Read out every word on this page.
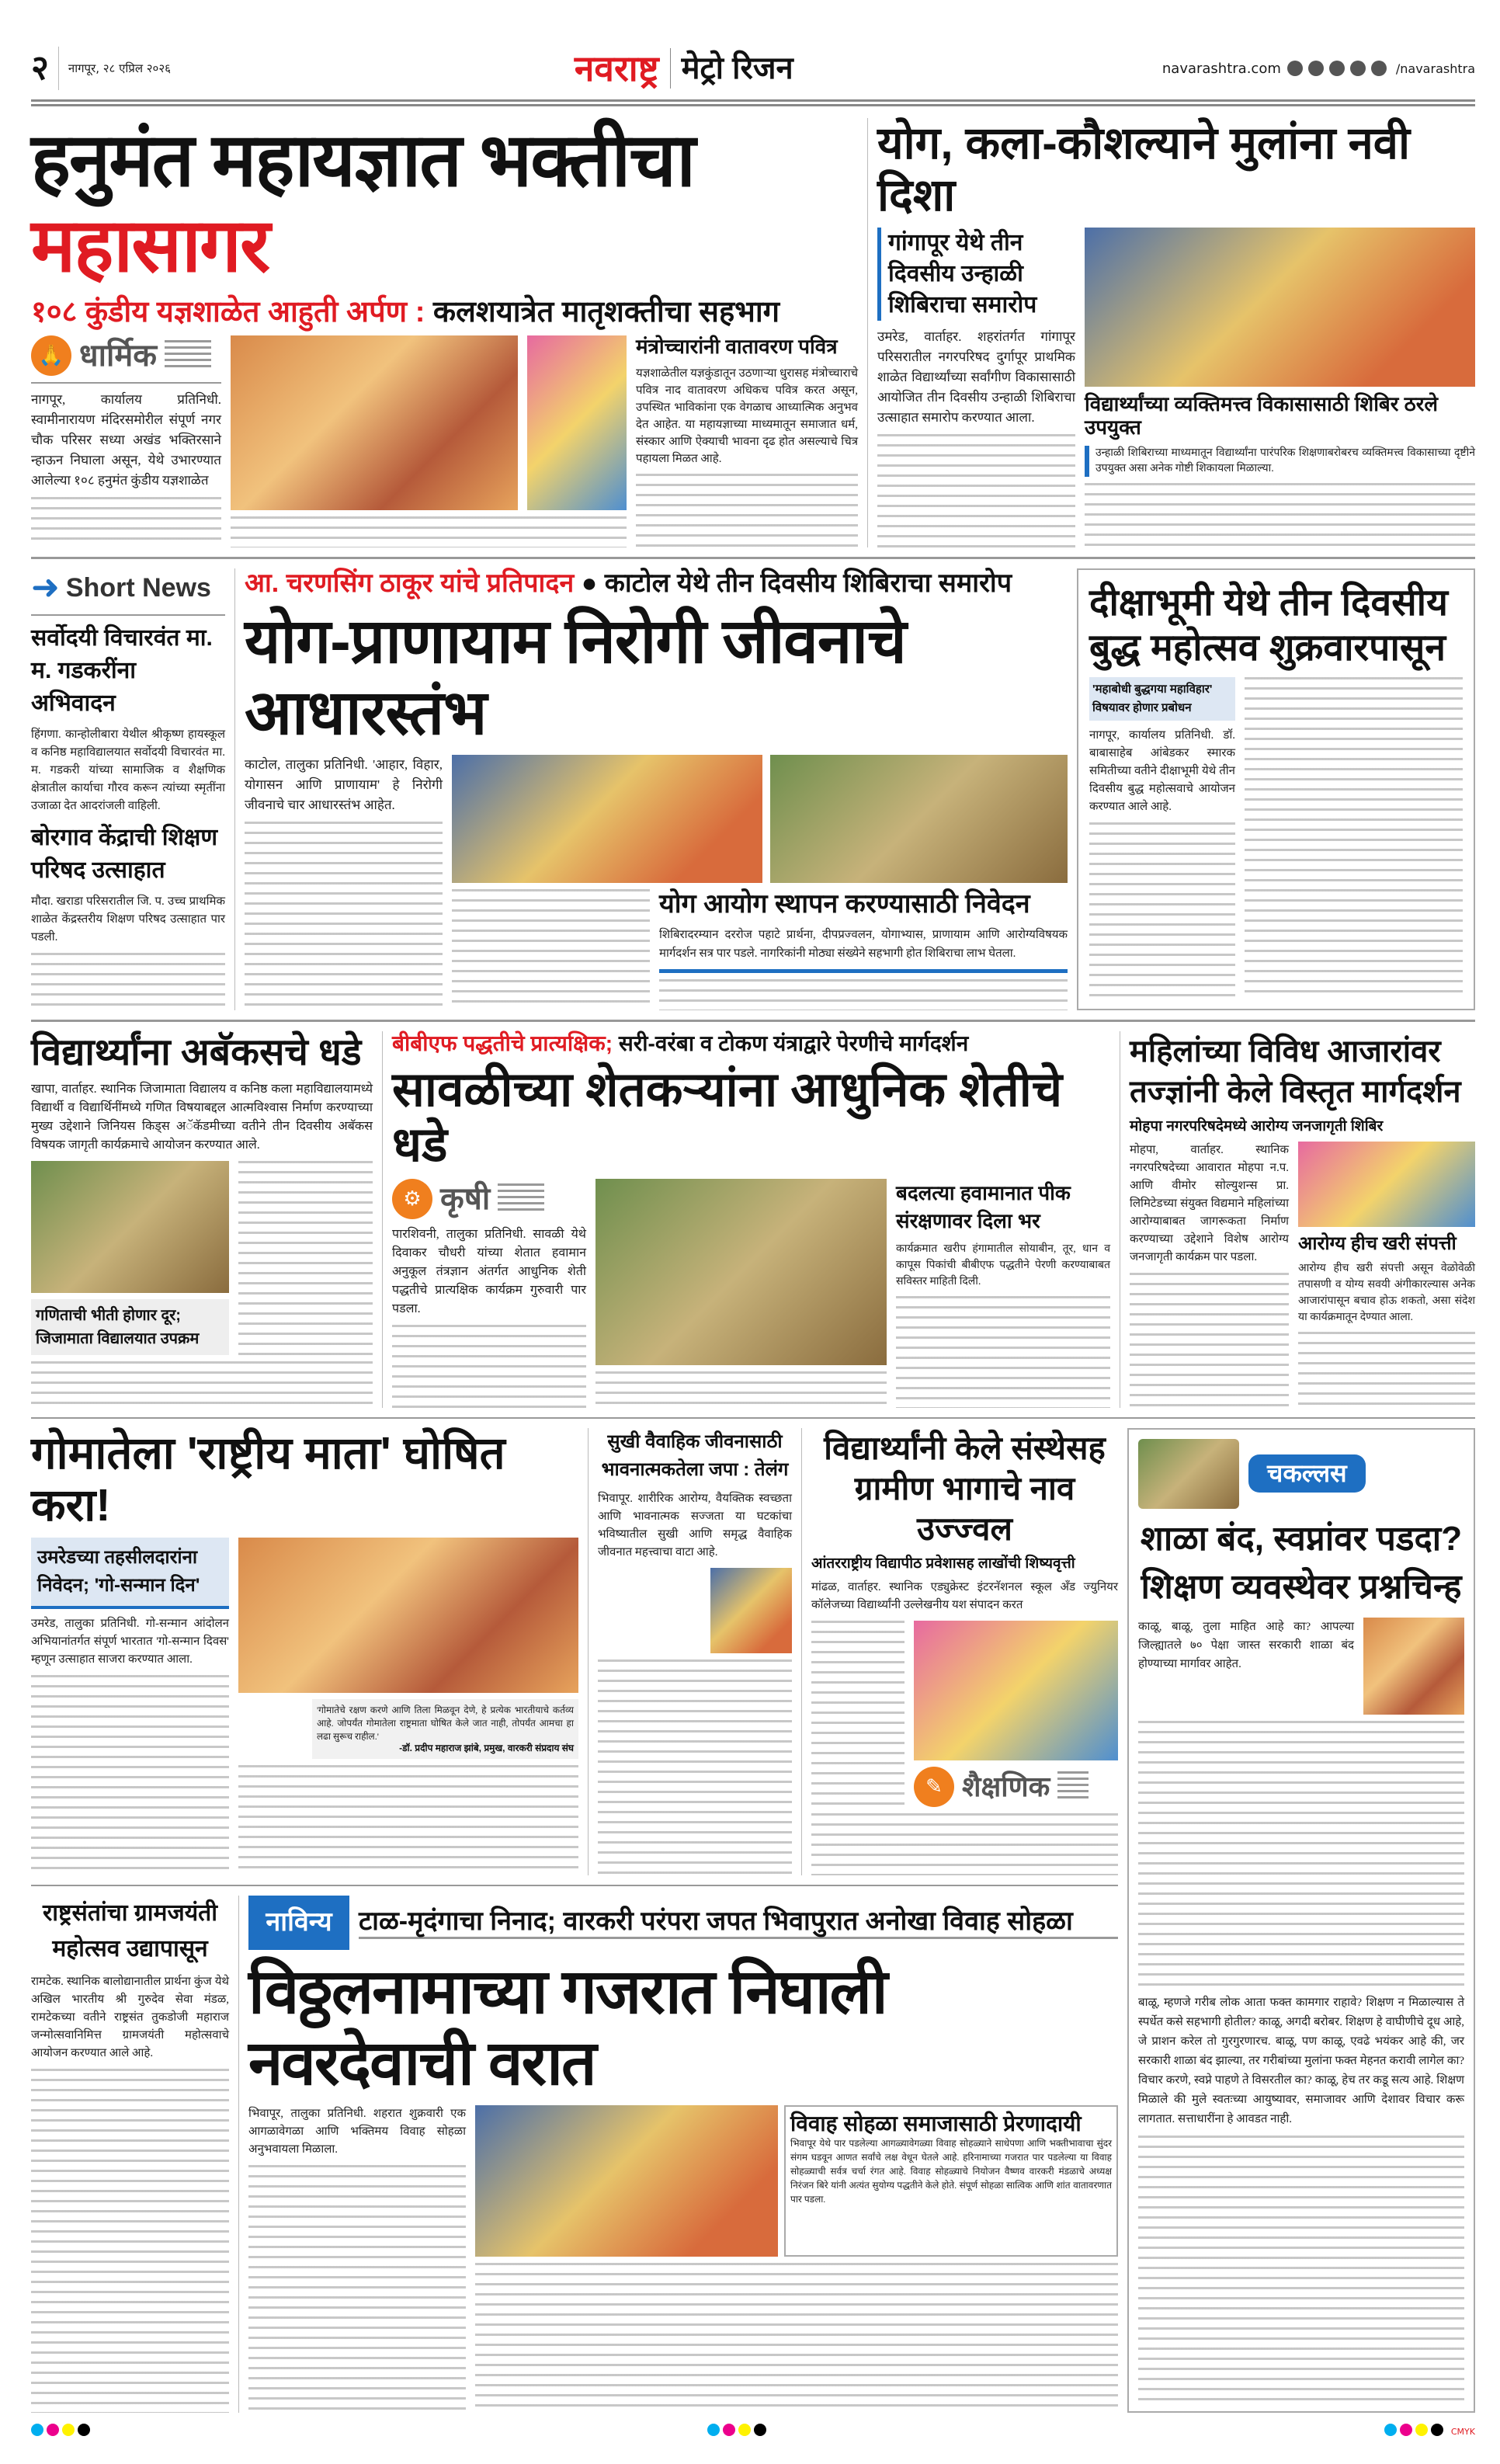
२ नागपूर, २८ एप्रिल २०२६	नवराष्ट्र मेट्रो रिजन	navarashtra.com	/navarashtra
हनुमंत महायज्ञात भक्तीचा महासागर
१०८ कुंडीय यज्ञशाळेत आहुती अर्पण : कलशयात्रेत मातृशक्तीचा सहभाग
🙏 धार्मिक
नागपूर, कार्यालय प्रतिनिधी. स्वामीनारायण मंदिरसमोरील संपूर्ण नगर चौक परिसर सध्या अखंड भक्तिरसाने न्हाऊन निघाला असून, येथे उभारण्यात आलेल्या १०८ हनुमंत कुंडीय यज्ञशाळेत
मंत्रोच्चारांनी वातावरण पवित्र
यज्ञशाळेतील यज्ञकुंडातून उठणाऱ्या धुरासह मंत्रोच्चाराचे पवित्र नाद वातावरण अधिकच पवित्र करत असून, उपस्थित भाविकांना एक वेगळाच आध्यात्मिक अनुभव देत आहेत. या महायज्ञाच्या माध्यमातून समाजात धर्म, संस्कार आणि ऐक्याची भावना दृढ होत असल्याचे चित्र पहायला मिळत आहे.
योग, कला-कौशल्याने मुलांना नवी दिशा
गांगापूर येथे तीन दिवसीय उन्हाळी शिबिराचा समारोप
उमरेड, वार्ताहर. शहरांतर्गत गांगापूर परिसरातील नगरपरिषद दुर्गापूर प्राथमिक शाळेत विद्यार्थ्यांच्या सर्वांगीण विकासासाठी आयोजित तीन दिवसीय उन्हाळी शिबिराचा उत्साहात समारोप करण्यात आला.
विद्यार्थ्यांच्या व्यक्तिमत्त्व विकासासाठी शिबिर ठरले उपयुक्त
उन्हाळी शिबिराच्या माध्यमातून विद्यार्थ्यांना पारंपरिक शिक्षणाबरोबरच व्यक्तिमत्त्व विकासाच्या दृष्टीने उपयुक्त असा अनेक गोष्टी शिकायला मिळाल्या.
➜ Short News
सर्वोदयी विचारवंत मा. म. गडकरींना अभिवादन
हिंगणा. कान्होलीबारा येथील श्रीकृष्ण हायस्कूल व कनिष्ठ महाविद्यालयात सर्वोदयी विचारवंत मा. म. गडकरी यांच्या सामाजिक व शैक्षणिक क्षेत्रातील कार्याचा गौरव करून त्यांच्या स्मृतींना उजाळा देत आदरांजली वाहिली.
बोरगाव केंद्राची शिक्षण परिषद उत्साहात
मौदा. खराडा परिसरातील जि. प. उच्च प्राथमिक शाळेत केंद्रस्तरीय शिक्षण परिषद उत्साहात पार पडली.
आ. चरणसिंग ठाकूर यांचे प्रतिपादन ● काटोल येथे तीन दिवसीय शिबिराचा समारोप
योग-प्राणायाम निरोगी जीवनाचे आधारस्तंभ
काटोल, तालुका प्रतिनिधी. 'आहार, विहार, योगासन आणि प्राणायाम' हे निरोगी जीवनाचे चार आधारस्तंभ आहेत.
योग आयोग स्थापन करण्यासाठी निवेदन
शिबिरादरम्यान दररोज पहाटे प्रार्थना, दीपप्रज्वलन, योगाभ्यास, प्राणायाम आणि आरोग्यविषयक मार्गदर्शन सत्र पार पडले. नागरिकांनी मोठ्या संख्येने सहभागी होत शिबिराचा लाभ घेतला.
दीक्षाभूमी येथे तीन दिवसीय बुद्ध महोत्सव शुक्रवारपासून
'महाबोधी बुद्धगया महाविहार' विषयावर होणार प्रबोधन
नागपूर, कार्यालय प्रतिनिधी. डॉ. बाबासाहेब आंबेडकर स्मारक समितीच्या वतीने दीक्षाभूमी येथे तीन दिवसीय बुद्ध महोत्सवाचे आयोजन करण्यात आले आहे.
विद्यार्थ्यांना अबॅकसचे धडे
खापा, वार्ताहर. स्थानिक जिजामाता विद्यालय व कनिष्ठ कला महाविद्यालयामध्ये विद्यार्थी व विद्यार्थिनींमध्ये गणित विषयाबद्दल आत्मविश्वास निर्माण करण्याच्या मुख्य उद्देशाने जिनियस किड्स अॅकॅडमीच्या वतीने तीन दिवसीय अबॅकस विषयक जागृती कार्यक्रमाचे आयोजन करण्यात आले.
गणिताची भीती होणार दूर; जिजामाता विद्यालयात उपक्रम
बीबीएफ पद्धतीचे प्रात्यक्षिक; सरी-वरंबा व टोकण यंत्राद्वारे पेरणीचे मार्गदर्शन
सावळीच्या शेतकऱ्यांना आधुनिक शेतीचे धडे
⚙ कृषी
पारशिवनी, तालुका प्रतिनिधी. सावळी येथे दिवाकर चौधरी यांच्या शेतात हवामान अनुकूल तंत्रज्ञान अंतर्गत आधुनिक शेती पद्धतीचे प्रात्यक्षिक कार्यक्रम गुरुवारी पार पडला.
बदलत्या हवामानात पीक संरक्षणावर दिला भर
कार्यक्रमात खरीप हंगामातील सोयाबीन, तूर, धान व कापूस पिकांची बीबीएफ पद्धतीने पेरणी करण्याबाबत सविस्तर माहिती दिली.
महिलांच्या विविध आजारांवर तज्ज्ञांनी केले विस्तृत मार्गदर्शन
मोहपा नगरपरिषदेमध्ये आरोग्य जनजागृती शिबिर
मोहपा, वार्ताहर. स्थानिक नगरपरिषदेच्या आवारात मोहपा न.प. आणि वीमोर सोल्युशन्स प्रा. लिमिटेडच्या संयुक्त विद्यमाने महिलांच्या आरोग्याबाबत जागरूकता निर्माण करण्याच्या उद्देशाने विशेष आरोग्य जनजागृती कार्यक्रम पार पडला.
आरोग्य हीच खरी संपत्ती
आरोग्य हीच खरी संपत्ती असून वेळोवेळी तपासणी व योग्य सवयी अंगीकारल्यास अनेक आजारांपासून बचाव होऊ शकतो, असा संदेश या कार्यक्रमातून देण्यात आला.
गोमातेला 'राष्ट्रीय माता' घोषित करा!
उमरेडच्या तहसीलदारांना निवेदन; 'गो-सन्मान दिन'
उमरेड, तालुका प्रतिनिधी. गो-सन्मान आंदोलन अभियानांतर्गत संपूर्ण भारतात 'गो-सन्मान दिवस' म्हणून उत्साहात साजरा करण्यात आला.
'गोमातेचे रक्षण करणे आणि तिला मिळवून देणे, हे प्रत्येक भारतीयाचे कर्तव्य आहे. जोपर्यंत गोमातेला राष्ट्रमाता घोषित केले जात नाही, तोपर्यंत आमचा हा लढा सुरूच राहील.'
-डॉ. प्रदीप महाराज झांबे, प्रमुख, वारकरी संप्रदाय संघ
सुखी वैवाहिक जीवनासाठी भावनात्मकतेला जपा : तेलंग
भिवापूर. शारीरिक आरोग्य, वैयक्तिक स्वच्छता आणि भावनात्मक सज्जता या घटकांचा भविष्यातील सुखी आणि समृद्ध वैवाहिक जीवनात महत्त्वाचा वाटा आहे.
विद्यार्थ्यांनी केले संस्थेसह ग्रामीण भागाचे नाव उज्ज्वल
आंतरराष्ट्रीय विद्यापीठ प्रवेशासह लाखोंची शिष्यवृत्ती
मांढळ, वार्ताहर. स्थानिक एड्युक्रेस्ट इंटरनॅशनल स्कूल अँड ज्युनियर कॉलेजच्या विद्यार्थ्यांनी उल्लेखनीय यश संपादन करत
✎ शैक्षणिक
राष्ट्रसंतांचा ग्रामजयंती महोत्सव उद्यापासून
रामटेक. स्थानिक बालोद्यानातील प्रार्थना कुंज येथे अखिल भारतीय श्री गुरुदेव सेवा मंडळ, रामटेकच्या वतीने राष्ट्रसंत तुकडोजी महाराज जन्मोत्सवानिमित्त ग्रामजयंती महोत्सवाचे आयोजन करण्यात आले आहे.
नाविन्य टाळ-मृदंगाचा निनाद; वारकरी परंपरा जपत भिवापुरात अनोखा विवाह सोहळा
विठ्ठलनामाच्या गजरात निघाली नवरदेवाची वरात
भिवापूर, तालुका प्रतिनिधी. शहरात शुक्रवारी एक आगळावेगळा आणि भक्तिमय विवाह सोहळा अनुभवायला मिळाला.
विवाह सोहळा समाजासाठी प्रेरणादायी
भिवापूर येथे पार पडलेल्या आगळ्यावेगळ्या विवाह सोहळ्याने साधेपणा आणि भक्तीभावाचा सुंदर संगम घडवून आणत सर्वांचे लक्ष वेधून घेतले आहे. हरिनामाच्या गजरात पार पडलेल्या या विवाह सोहळ्याची सर्वत्र चर्चा रंगत आहे. विवाह सोहळ्याचे नियोजन वैष्णव वारकरी मंडळाचे अध्यक्ष निरंजन बिरे यांनी अत्यंत सुयोग्य पद्धतीने केले होते. संपूर्ण सोहळा सात्विक आणि शांत वातावरणात पार पडला.
चकल्लस
शाळा बंद, स्वप्नांवर पडदा? शिक्षण व्यवस्थेवर प्रश्नचिन्ह
काळू, बाळू, तुला माहित आहे का? आपल्या जिल्ह्यातले ७० पेक्षा जास्त सरकारी शाळा बंद होण्याच्या मार्गावर आहेत.
बाळू, म्हणजे गरीब लोक आता फक्त कामगार राहावे? शिक्षण न मिळाल्यास ते स्पर्धेत कसे सहभागी होतील? काळू, अगदी बरोबर. शिक्षण हे वाघीणीचे दूध आहे, जे प्राशन करेल तो गुरगुरणारच. बाळू, पण काळू, एवढे भयंकर आहे की, जर सरकारी शाळा बंद झाल्या, तर गरीबांच्या मुलांना फक्त मेहनत करावी लागेल का? विचार करणे, स्वप्ने पाहणे ते विसरतील का? काळू, हेच तर कडू सत्य आहे. शिक्षण मिळाले की मुले स्वतःच्या आयुष्यावर, समाजावर आणि देशावर विचार करू लागतात. सत्ताधारींना हे आवडत नाही.
CMYK
